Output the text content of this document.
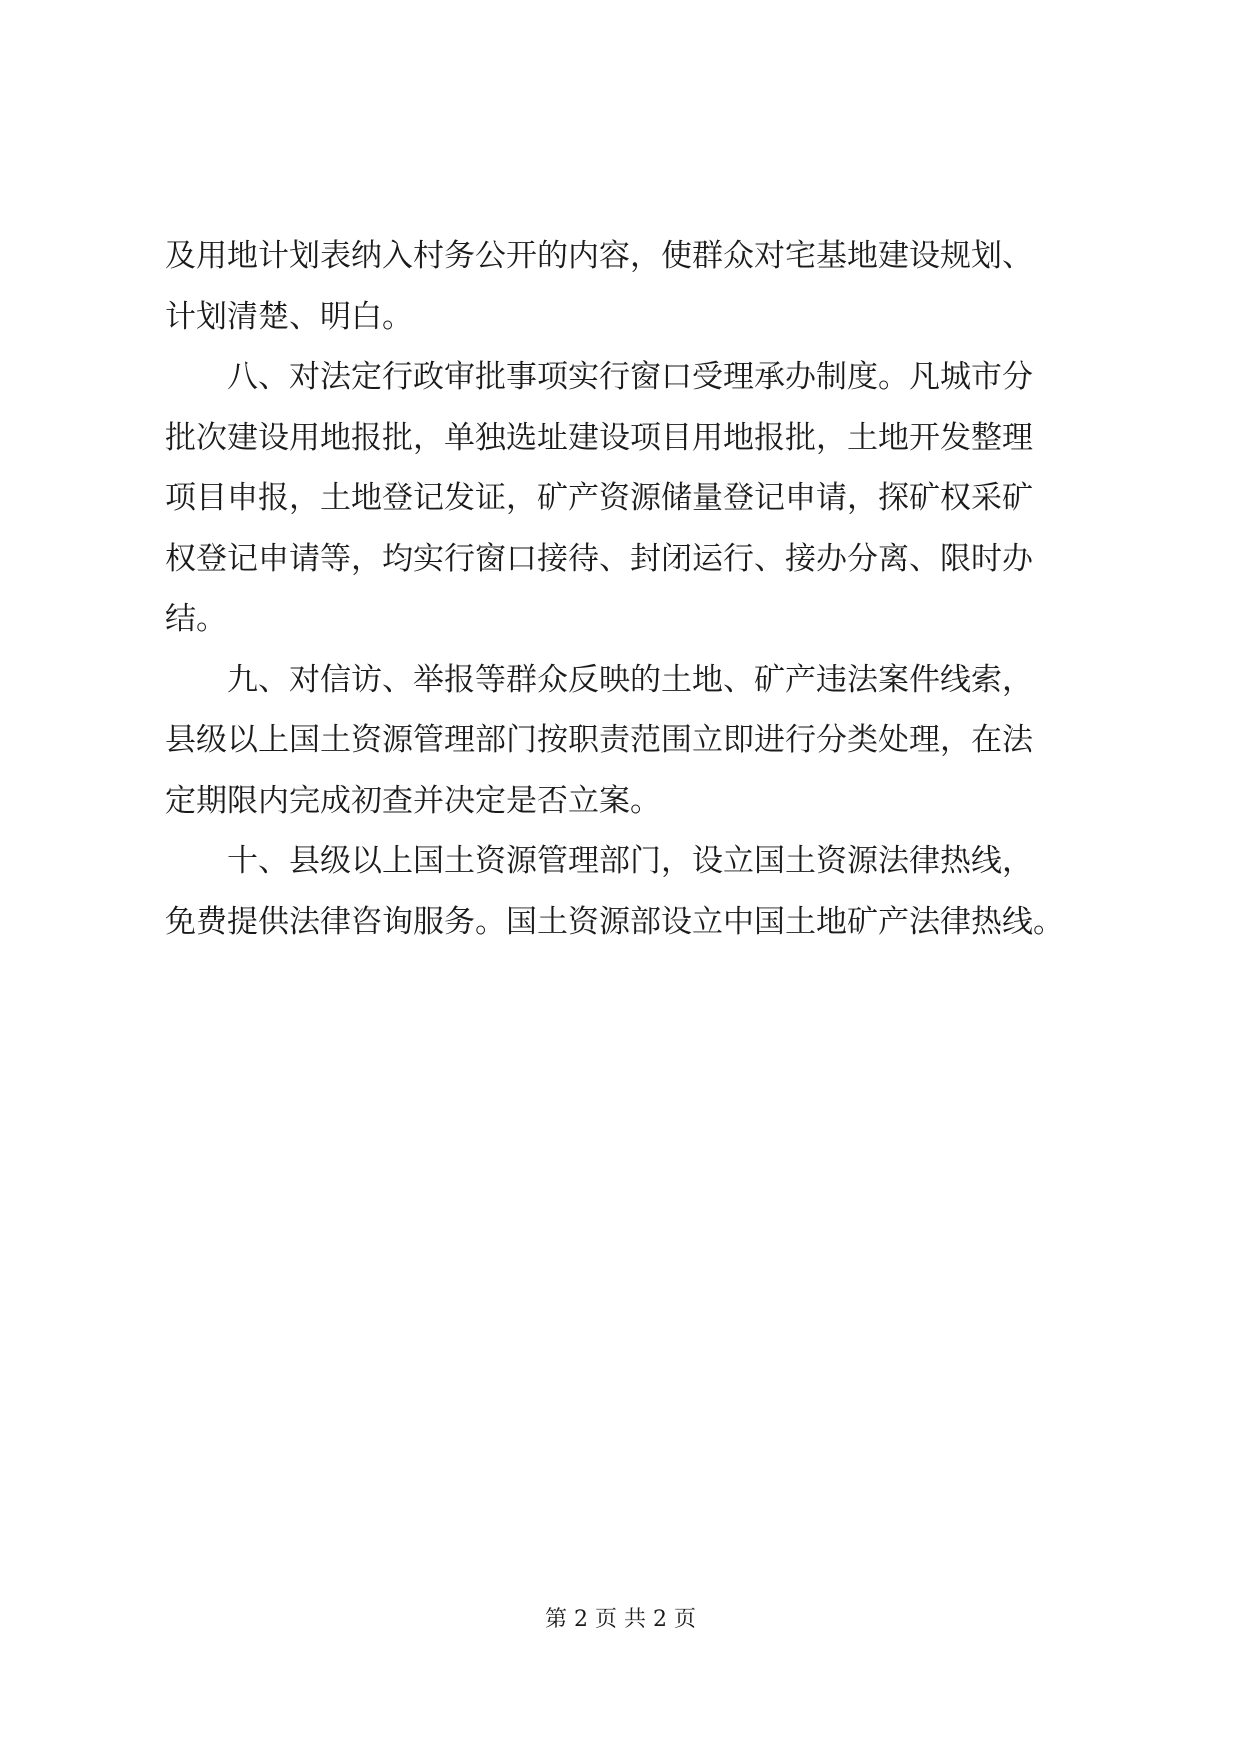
及用地计划表纳入村务公开的内容，使群众对宅基地建设规划、
计划清楚、明白。
　　八、对法定行政审批事项实行窗口受理承办制度。凡城市分
批次建设用地报批，单独选址建设项目用地报批，土地开发整理
项目申报，土地登记发证，矿产资源储量登记申请，探矿权采矿
权登记申请等，均实行窗口接待、封闭运行、接办分离、限时办
结。
　　九、对信访、举报等群众反映的土地、矿产违法案件线索，
县级以上国土资源管理部门按职责范围立即进行分类处理，在法
定期限内完成初查并决定是否立案。
　　十、县级以上国土资源管理部门，设立国土资源法律热线，
免费提供法律咨询服务。国土资源部设立中国土地矿产法律热线。
第 2 页 共 2 页
